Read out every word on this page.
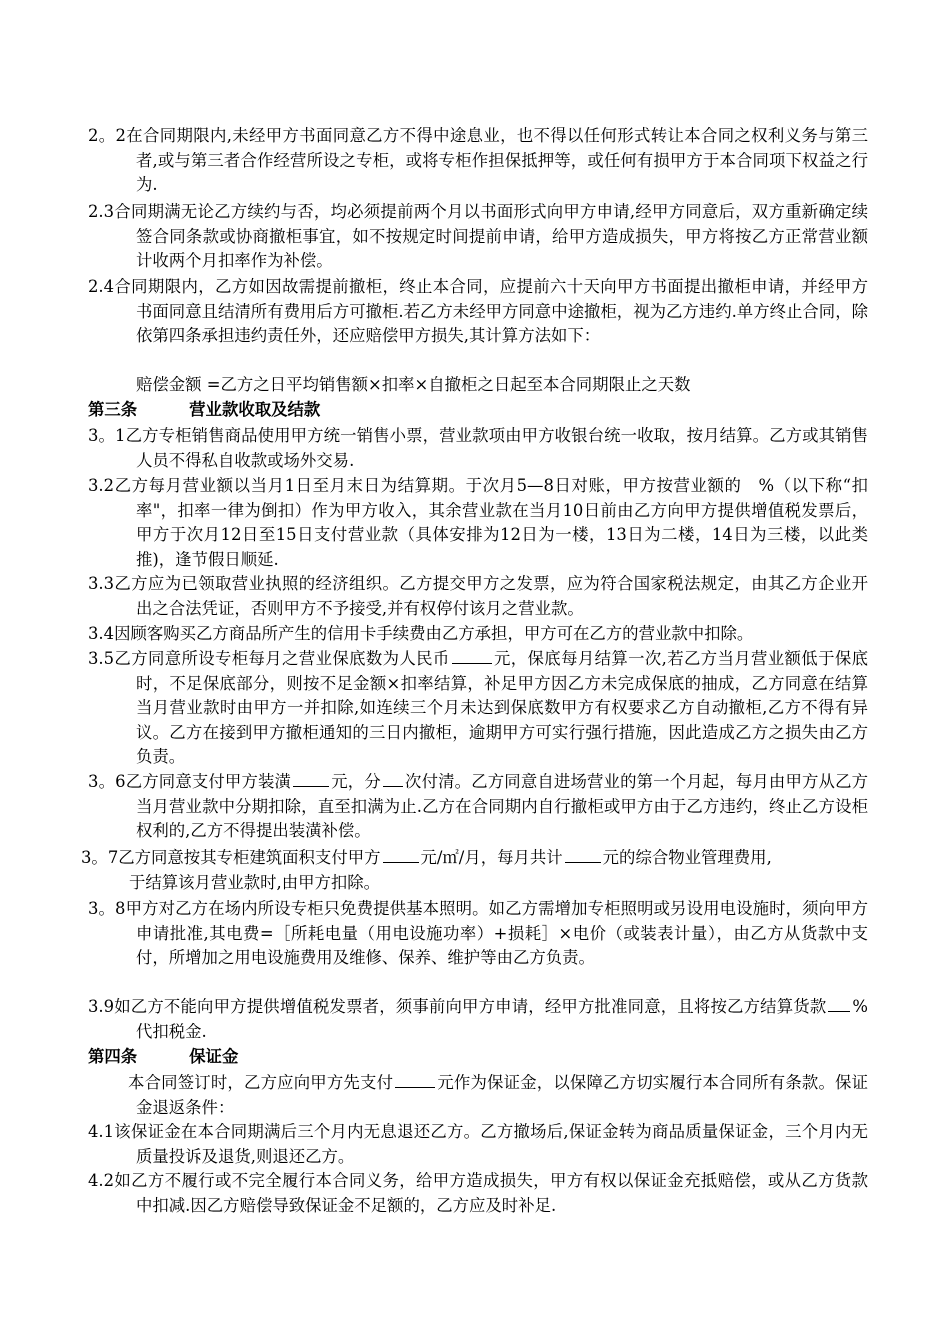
2。2在合同期限内,未经甲方书面同意乙方不得中途息业，也不得以任何形式转让本合同之权利义务与第三者,或与第三者合作经营所设之专柜，或将专柜作担保抵押等，或任何有损甲方于本合同项下权益之行为.
2.3合同期满无论乙方续约与否，均必须提前两个月以书面形式向甲方申请,经甲方同意后，双方重新确定续签合同条款或协商撤柜事宜，如不按规定时间提前申请，给甲方造成损失，甲方将按乙方正常营业额计收两个月扣率作为补偿。
2.4合同期限内，乙方如因故需提前撤柜，终止本合同，应提前六十天向甲方书面提出撤柜申请，并经甲方书面同意且结清所有费用后方可撤柜.若乙方未经甲方同意中途撤柜，视为乙方违约.单方终止合同，除依第四条承担违约责任外，还应赔偿甲方损失,其计算方法如下：
赔偿金额 =乙方之日平均销售额×扣率×自撤柜之日起至本合同期限止之天数
第三条	营业款收取及结款
3。1乙方专柜销售商品使用甲方统一销售小票，营业款项由甲方收银台统一收取，按月结算。乙方或其销售人员不得私自收款或场外交易.
3.2乙方每月营业额以当月1日至月末日为结算期。于次月5—8日对账，甲方按营业额的　%（以下称“扣率"，扣率一律为倒扣）作为甲方收入，其余营业款在当月10日前由乙方向甲方提供增值税发票后，甲方于次月12日至15日支付营业款（具体安排为12日为一楼，13日为二楼，14日为三楼，以此类推)，逢节假日顺延.
3.3乙方应为已领取营业执照的经济组织。乙方提交甲方之发票，应为符合国家税法规定，由其乙方企业开出之合法凭证，否则甲方不予接受,并有权停付该月之营业款。
3.4因顾客购买乙方商品所产生的信用卡手续费由乙方承担，甲方可在乙方的营业款中扣除。
3.5乙方同意所设专柜每月之营业保底数为人民币	元，保底每月结算一次,若乙方当月营业额低于保底时，不足保底部分，则按不足金额×扣率结算，补足甲方因乙方未完成保底的抽成，乙方同意在结算当月营业款时由甲方一并扣除,如连续三个月未达到保底数甲方有权要求乙方自动撤柜,乙方不得有异议。乙方在接到甲方撤柜通知的三日内撤柜，逾期甲方可实行强行措施，因此造成乙方之损失由乙方负责。
3。6乙方同意支付甲方装潢 元，分 次付清。乙方同意自进场营业的第一个月起，每月由甲方从乙方当月营业款中分期扣除，直至扣满为止.乙方在合同期内自行撤柜或甲方由于乙方违约，终止乙方设柜权利的,乙方不得提出装潢补偿。
3。7乙方同意按其专柜建筑面积支付甲方 元/㎡/月，每月共计 元的综合物业管理费用,
于结算该月营业款时,由甲方扣除。
3。8甲方对乙方在场内所设专柜只免费提供基本照明。如乙方需增加专柜照明或另设用电设施时，须向甲方申请批准,其电费=［所耗电量（用电设施功率）+损耗］×电价（或装表计量），由乙方从货款中支付，所增加之用电设施费用及维修、保养、维护等由乙方负责。
3.9如乙方不能向甲方提供增值税发票者，须事前向甲方申请，经甲方批准同意，且将按乙方结算货款 %代扣税金.
第四条	保证金
本合同签订时，乙方应向甲方先支付	元作为保证金，以保障乙方切实履行本合同所有条款。保证金退返条件：
4.1该保证金在本合同期满后三个月内无息退还乙方。乙方撤场后,保证金转为商品质量保证金，三个月内无质量投诉及退货,则退还乙方。
4.2如乙方不履行或不完全履行本合同义务，给甲方造成损失，甲方有权以保证金充抵赔偿，或从乙方货款中扣减.因乙方赔偿导致保证金不足额的，乙方应及时补足.
